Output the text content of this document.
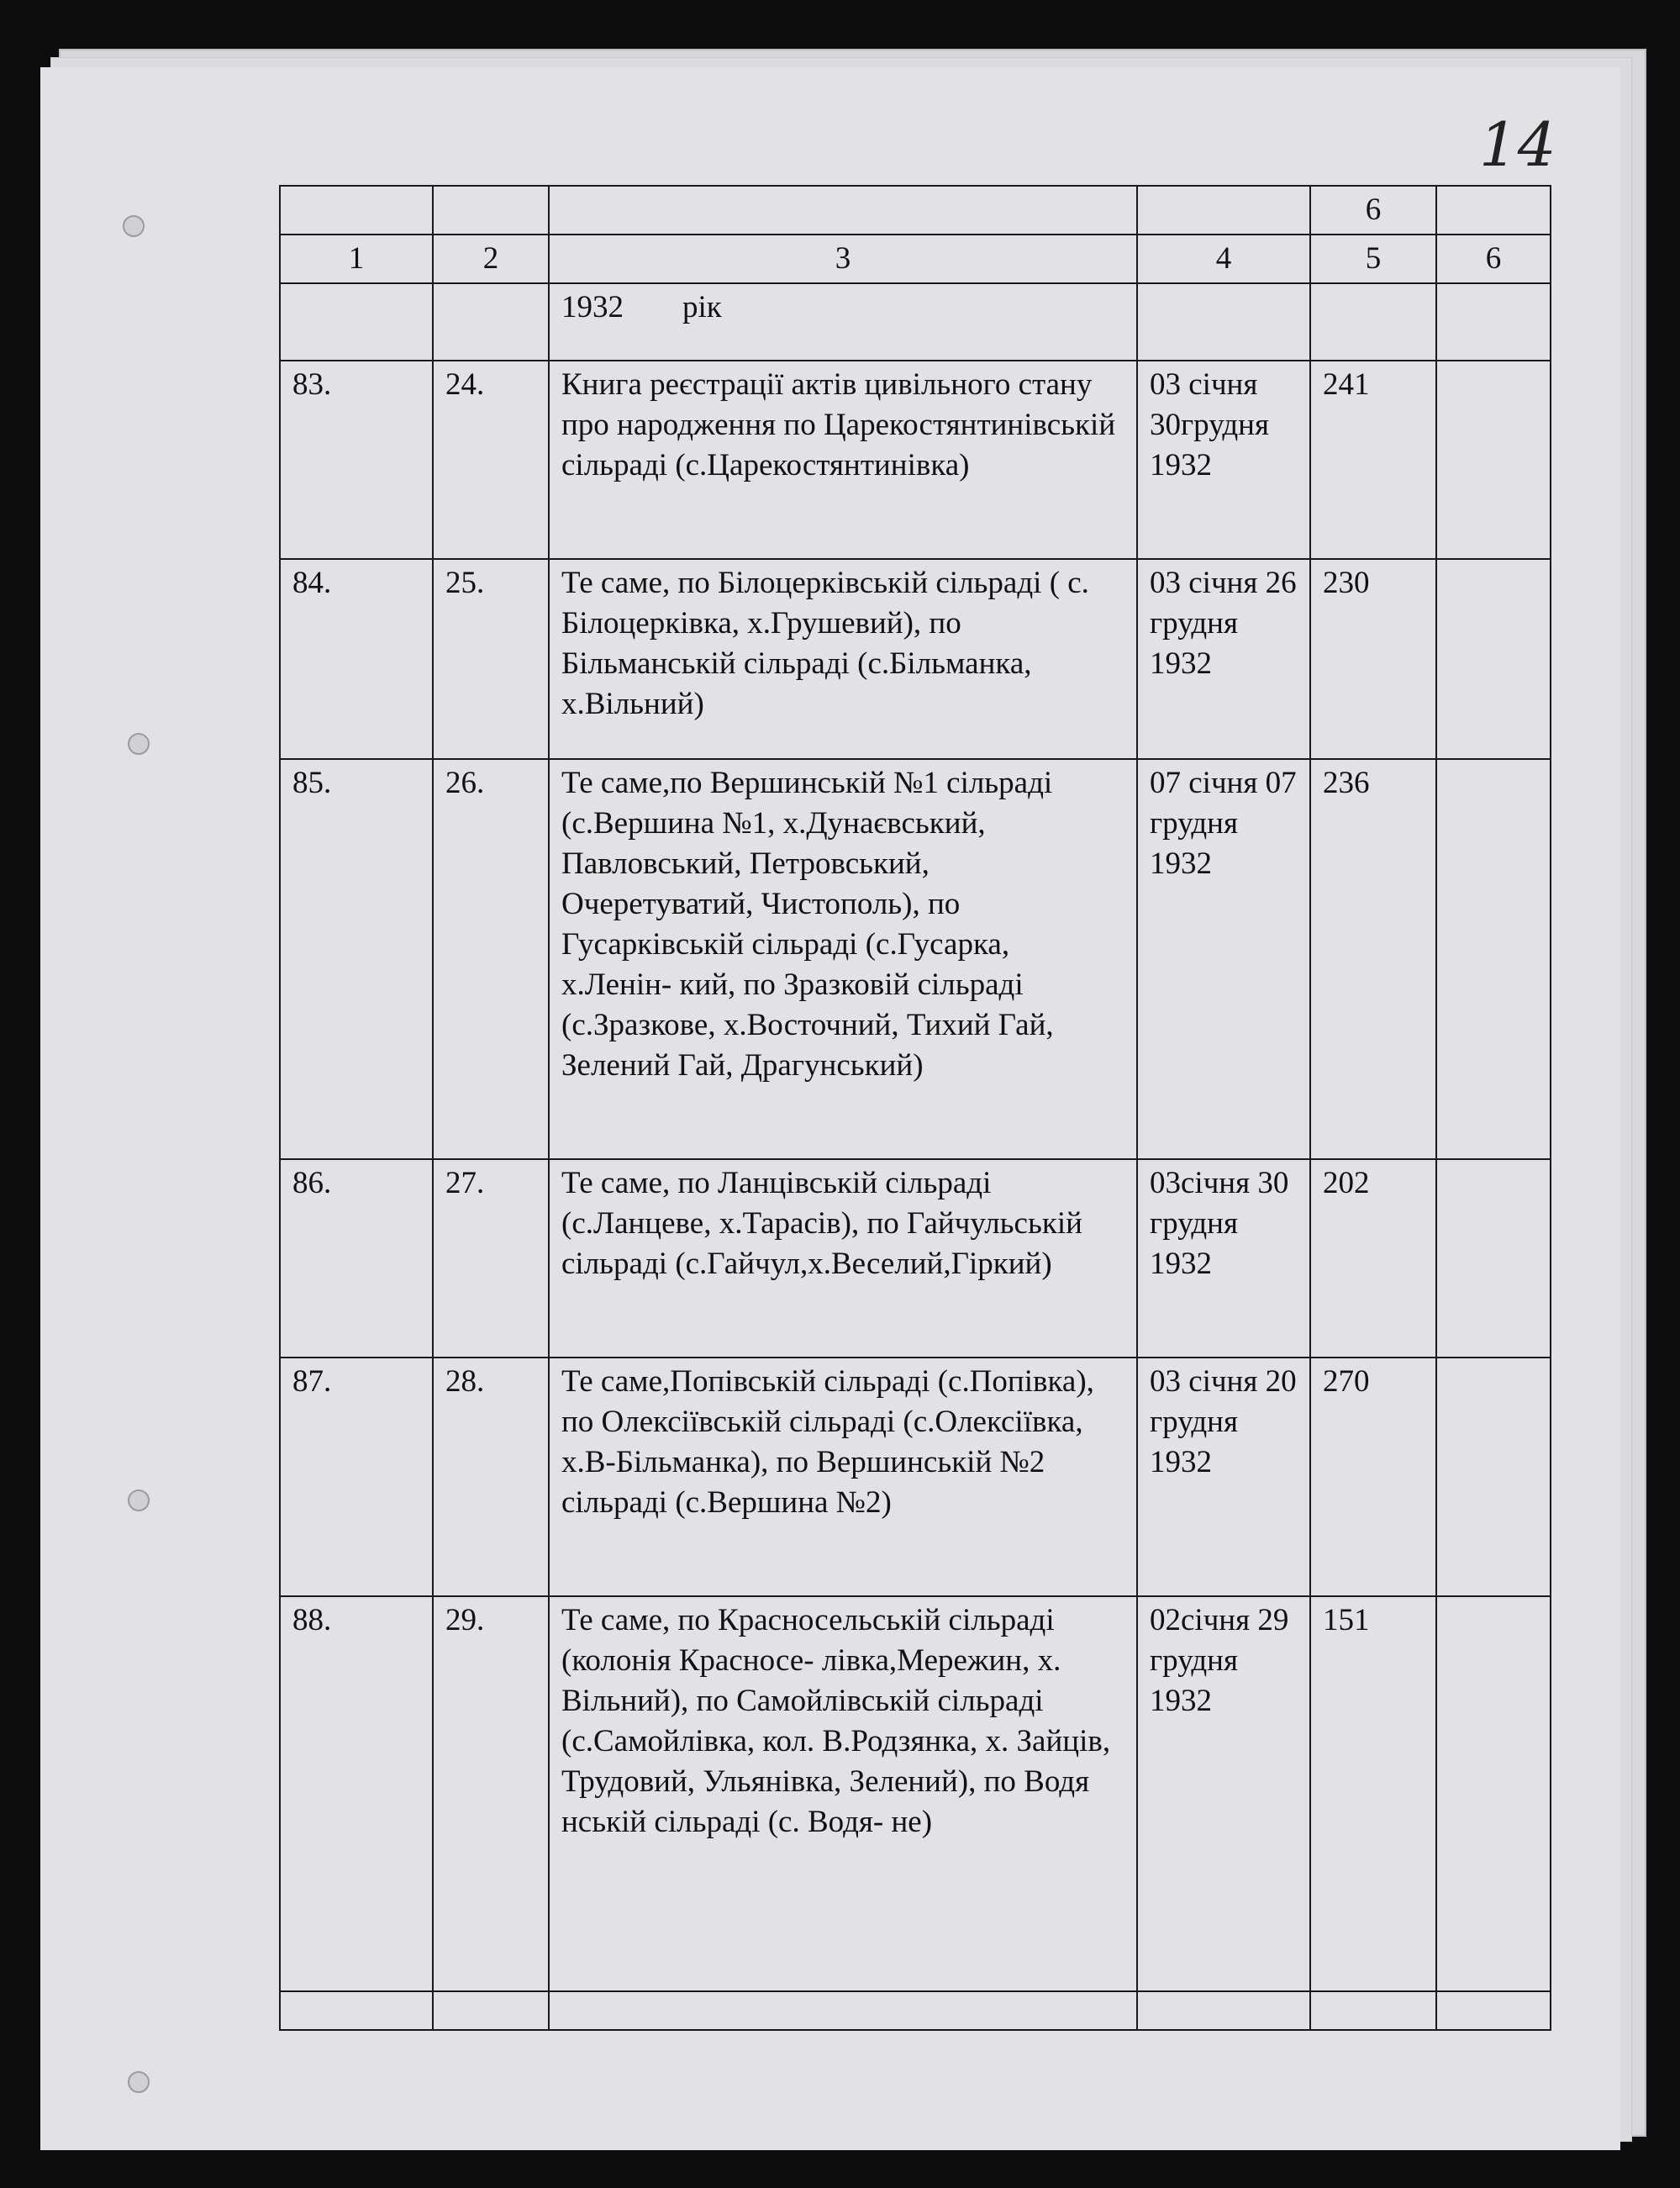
14
				6	
1	2	3	4	5	6
		1932 рік			
83.	24.	Книга реєстрації актів цивільного стану про народження по Царекостянтинівській сільраді (с.Царекостянтинівка)	03 січня 30грудня 1932	241	
84.	25.	Те саме, по Білоцерківській сільраді ( с. Білоцерківка, х.Грушевий), по Більманській сільраді (с.Більманка, х.Вільний)	03 січня 26 грудня 1932	230	
85.	26.	Те саме,по Вершинській №1 сільраді (с.Вершина №1, х.Дунаєвський, Павловський, Петровський, Очеретуватий, Чистополь), по Гусарківській сільраді (с.Гусарка, х.Ленін- кий, по Зразковій сільраді (с.Зразкове, х.Восточний, Тихий Гай, Зелений Гай, Драгунський)	07 січня 07 грудня 1932	236	
86.	27.	Те саме, по Ланцівській сільраді (с.Ланцеве, х.Тарасів), по Гайчульській сільраді (с.Гайчул,х.Веселий,Гіркий)	03січня 30 грудня 1932	202	
87.	28.	Те саме,Попівській сільраді (с.Попівка), по Олексіївській сільраді (с.Олексіївка, х.В-Більманка), по Вершинській №2 сільраді (с.Вершина №2)	03 січня 20 грудня 1932	270	
88.	29.	Те саме, по Красносельській сільраді (колонія Красносе- лівка,Мережин, х. Вільний), по Самойлівській сільраді (с.Самойлівка, кол. В.Родзянка, х. Зайців, Трудовий, Ульянівка, Зелений), по Водя нській сільраді (с. Водя- не)	02січня 29 грудня 1932	151	
